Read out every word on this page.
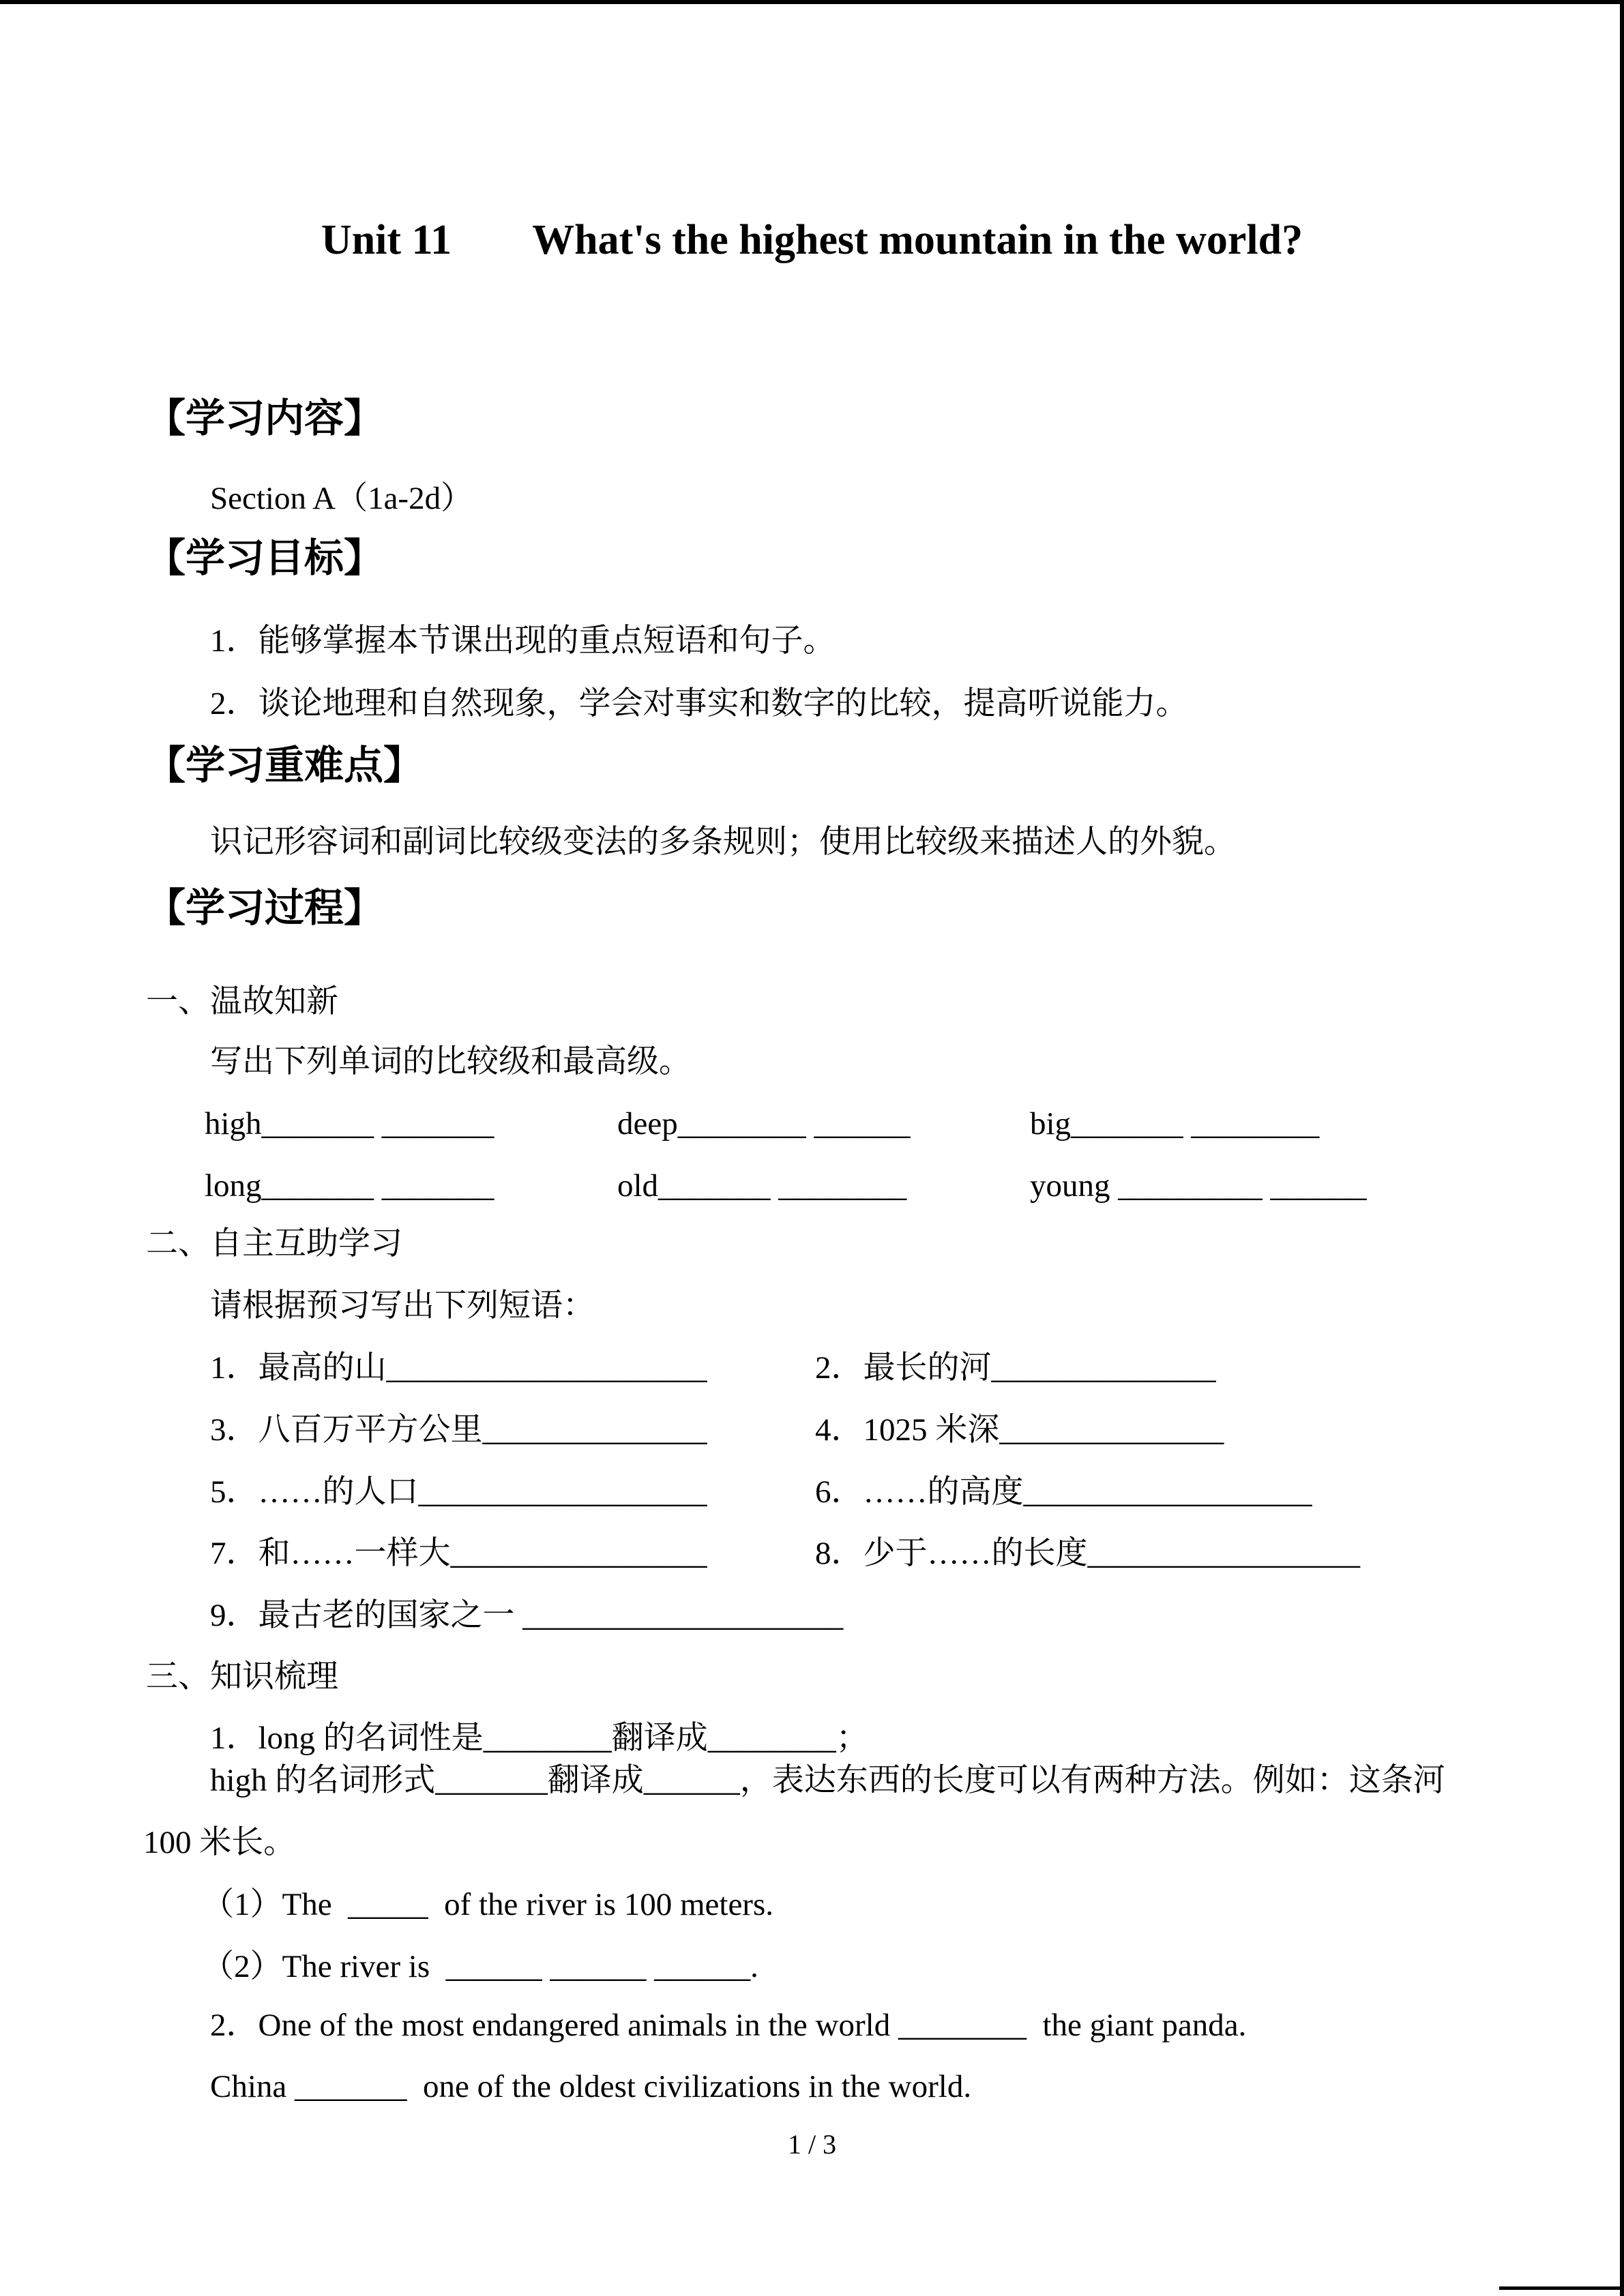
Unit 11 What's the highest mountain in the world?
【学习内容】
Section A（1a-2d）
【学习目标】
1．能够掌握本节课出现的重点短语和句子。
2．谈论地理和自然现象，学会对事实和数字的比较，提高听说能力。
【学习重难点】
识记形容词和副词比较级变法的多条规则；使用比较级来描述人的外貌。
【学习过程】
一、温故知新
写出下列单词的比较级和最高级。
high_______ _______	deep________ ______	big_______ ________
long_______ _______	old_______ ________	young _________ ______
二、自主互助学习
请根据预习写出下列短语：
1．最高的山____________________	2．最长的河______________
3．八百万平方公里______________	4．1025 米深______________
5．……的人口__________________	6．……的高度__________________
7．和……一样大________________	8．少于……的长度_________________
9．最古老的国家之一 ____________________
三、知识梳理
1．long 的名词性是________翻译成________；
high 的名词形式_______翻译成______，表达东西的长度可以有两种方法。例如：这条河
100 米长。
（1）The  _____  of the river is 100 meters.
（2）The river is  ______ ______ ______.
2．One of the most endangered animals in the world ________  the giant panda.
China _______  one of the oldest civilizations in the world.
1 / 3
